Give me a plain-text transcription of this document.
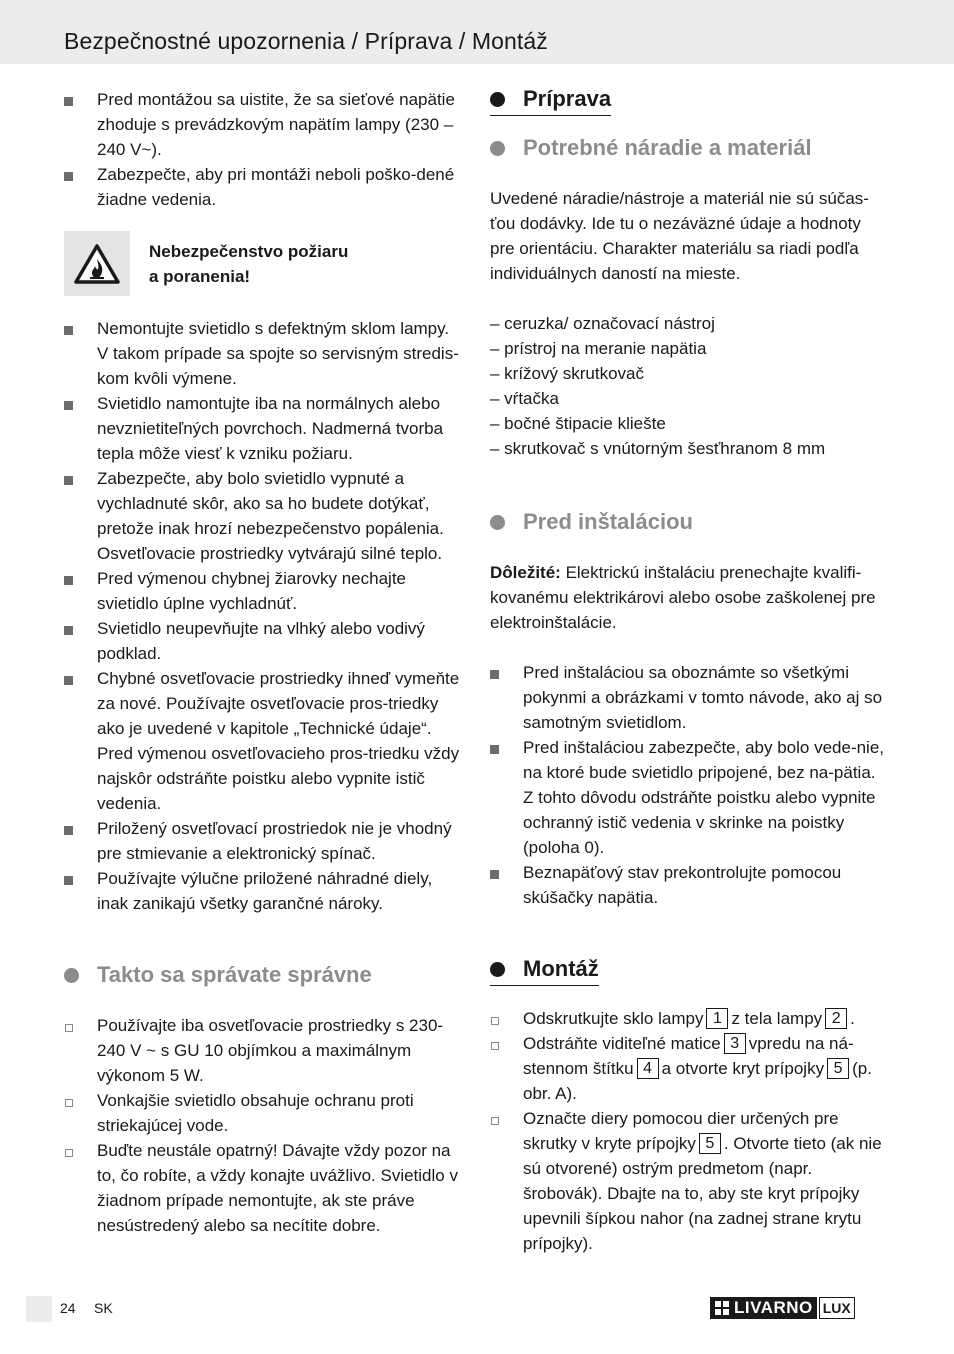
Bezpečnostné upozornenia / Príprava / Montáž
Pred montážou sa uistite, že sa sieťové napätie zhoduje s prevádzkovým napätím lampy (230 – 240 V~).
Zabezpečte, aby pri montáži neboli poško-dené žiadne vedenia.
Nebezpečenstvo požiaru
a poranenia!
Nemontujte svietidlo s defektným sklom lampy. V takom prípade sa spojte so servisným stredis-kom kvôli výmene.
Svietidlo namontujte iba na normálnych alebo nevznietiteľných povrchoch. Nadmerná tvorba tepla môže viesť k vzniku požiaru.
Zabezpečte, aby bolo svietidlo vypnuté a vychladnuté skôr, ako sa ho budete dotýkať, pretože inak hrozí nebezpečenstvo popálenia. Osvetľovacie prostriedky vytvárajú silné teplo.
Pred výmenou chybnej žiarovky nechajte svietidlo úplne vychladnúť.
Svietidlo neupevňujte na vlhký alebo vodivý podklad.
Chybné osvetľovacie prostriedky ihneď vymeňte za nové. Používajte osvetľovacie pros-triedky ako je uvedené v kapitole „Technické údaje“. Pred výmenou osvetľovacieho pros-triedku vždy najskôr odstráňte poistku alebo vypnite istič vedenia.
Priložený osvetľovací prostriedok nie je vhodný pre stmievanie a elektronický spínač.
Používajte výlučne priložené náhradné diely, inak zanikajú všetky garančné nároky.
Takto sa správate správne
Používajte iba osvetľovacie prostriedky s 230-240 V ~ s GU 10 objímkou a maximálnym výkonom 5 W.
Vonkajšie svietidlo obsahuje ochranu proti striekajúcej vode.
Buďte neustále opatrný! Dávajte vždy pozor na to, čo robíte, a vždy konajte uvážlivo. Svietidlo v žiadnom prípade nemontujte, ak ste práve nesústredený alebo sa necítite dobre.
Príprava
Potrebné náradie a materiál

Uvedené náradie/nástroje a materiál nie sú súčas-ťou dodávky. Ide tu o nezáväzné údaje a hodnoty pre orientáciu. Charakter materiálu sa riadi podľa individuálnych daností na mieste.

– ceruzka/ označovací nástroj
– prístroj na meranie napätia
– krížový skrutkovač
– vŕtačka
– bočné štipacie kliešte
– skrutkovač s vnútorným šesťhranom 8 mm
Pred inštaláciou

Dôležité: Elektrickú inštaláciu prenechajte kvalifi-kovanému elektrikárovi alebo osobe zaškolenej pre elektroinštalácie.

Pred inštaláciou sa oboznámte so všetkými pokynmi a obrázkami v tomto návode, ako aj so samotným svietidlom.
Pred inštaláciou zabezpečte, aby bolo vede-nie, na ktoré bude svietidlo pripojené, bez na-pätia. Z tohto dôvodu odstráňte poistku alebo vypnite ochranný istič vedenia v skrinke na poistky (poloha 0).
Beznapäťový stav prekontrolujte pomocou skúšačky napätia.
Montáž
Odskrutkujte sklo lampy 1 z tela lampy 2 .
Odstráňte viditeľné matice 3 vpredu na ná-stennom štítku 4 a otvorte kryt prípojky 5 (p. obr. A).
Označte diery pomocou dier určených pre skrutky v kryte prípojky 5 . Otvorte tieto (ak nie sú otvorené) ostrým predmetom (napr. šrobovák). Dbajte na to, aby ste kryt prípojky upevnili šípkou nahor (na zadnej strane krytu prípojky).
24 SK	LIVARNO LUX
